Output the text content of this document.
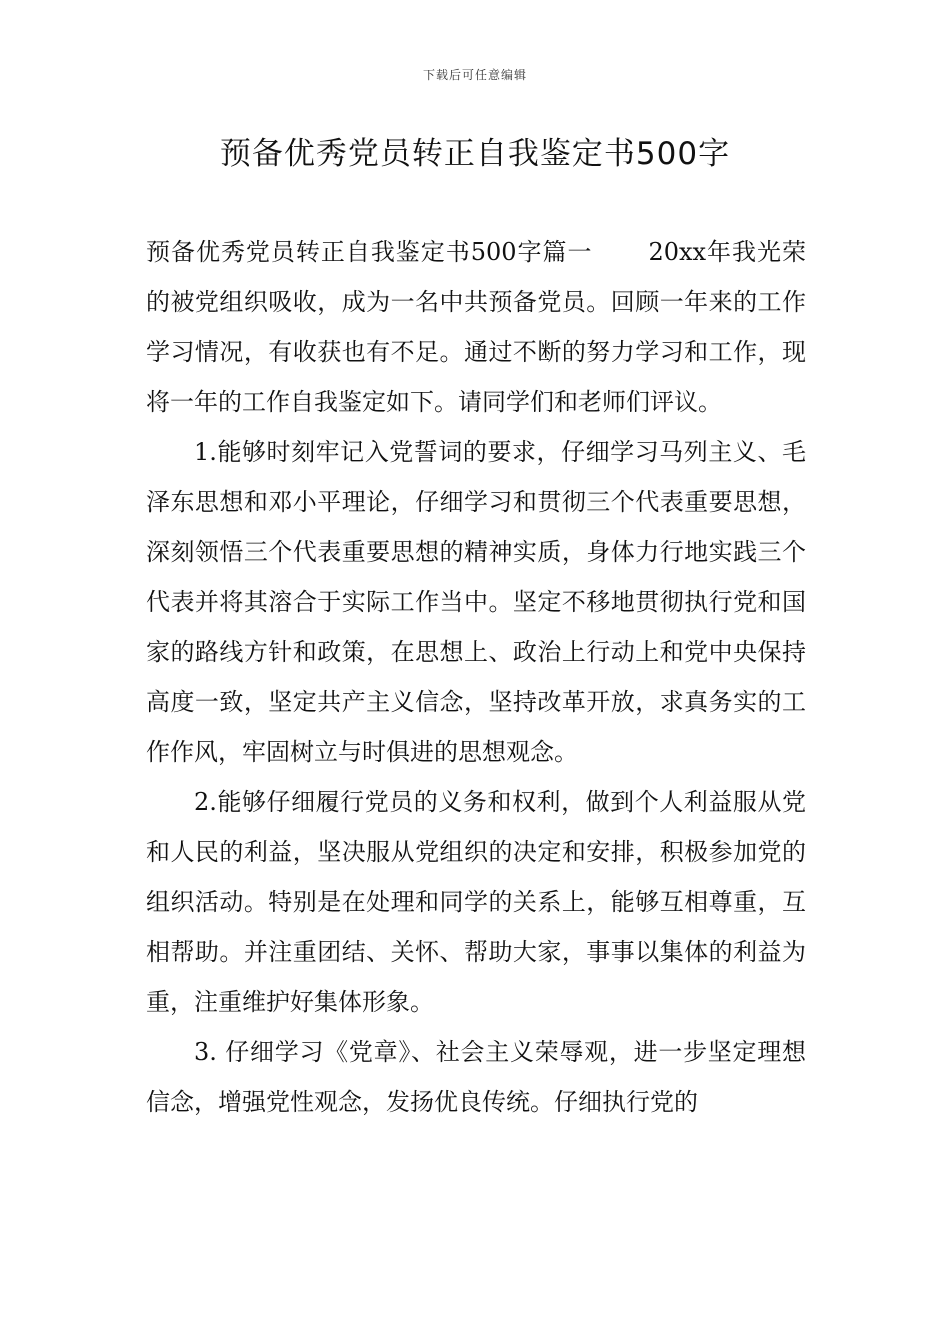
下载后可任意编辑
预备优秀党员转正自我鉴定书500字

预备优秀党员转正自我鉴定书500字篇一 20xx年我光荣的被党组织吸收，成为一名中共预备党员。回顾一年来的工作学习情况，有收获也有不足。通过不断的努力学习和工作，现将一年的工作自我鉴定如下。请同学们和老师们评议。

1.能够时刻牢记入党誓词的要求，仔细学习马列主义、毛泽东思想和邓小平理论，仔细学习和贯彻三个代表重要思想，深刻领悟三个代表重要思想的精神实质，身体力行地实践三个代表并将其溶合于实际工作当中。坚定不移地贯彻执行党和国家的路线方针和政策，在思想上、政治上行动上和党中央保持高度一致，坚定共产主义信念，坚持改革开放，求真务实的工作作风，牢固树立与时俱进的思想观念。

2.能够仔细履行党员的义务和权利，做到个人利益服从党和人民的利益，坚决服从党组织的决定和安排，积极参加党的组织活动。特别是在处理和同学的关系上，能够互相尊重，互相帮助。并注重团结、关怀、帮助大家，事事以集体的利益为重，注重维护好集体形象。

3. 仔细学习《党章》、社会主义荣辱观，进一步坚定理想信念，增强党性观念，发扬优良传统。仔细执行党的
